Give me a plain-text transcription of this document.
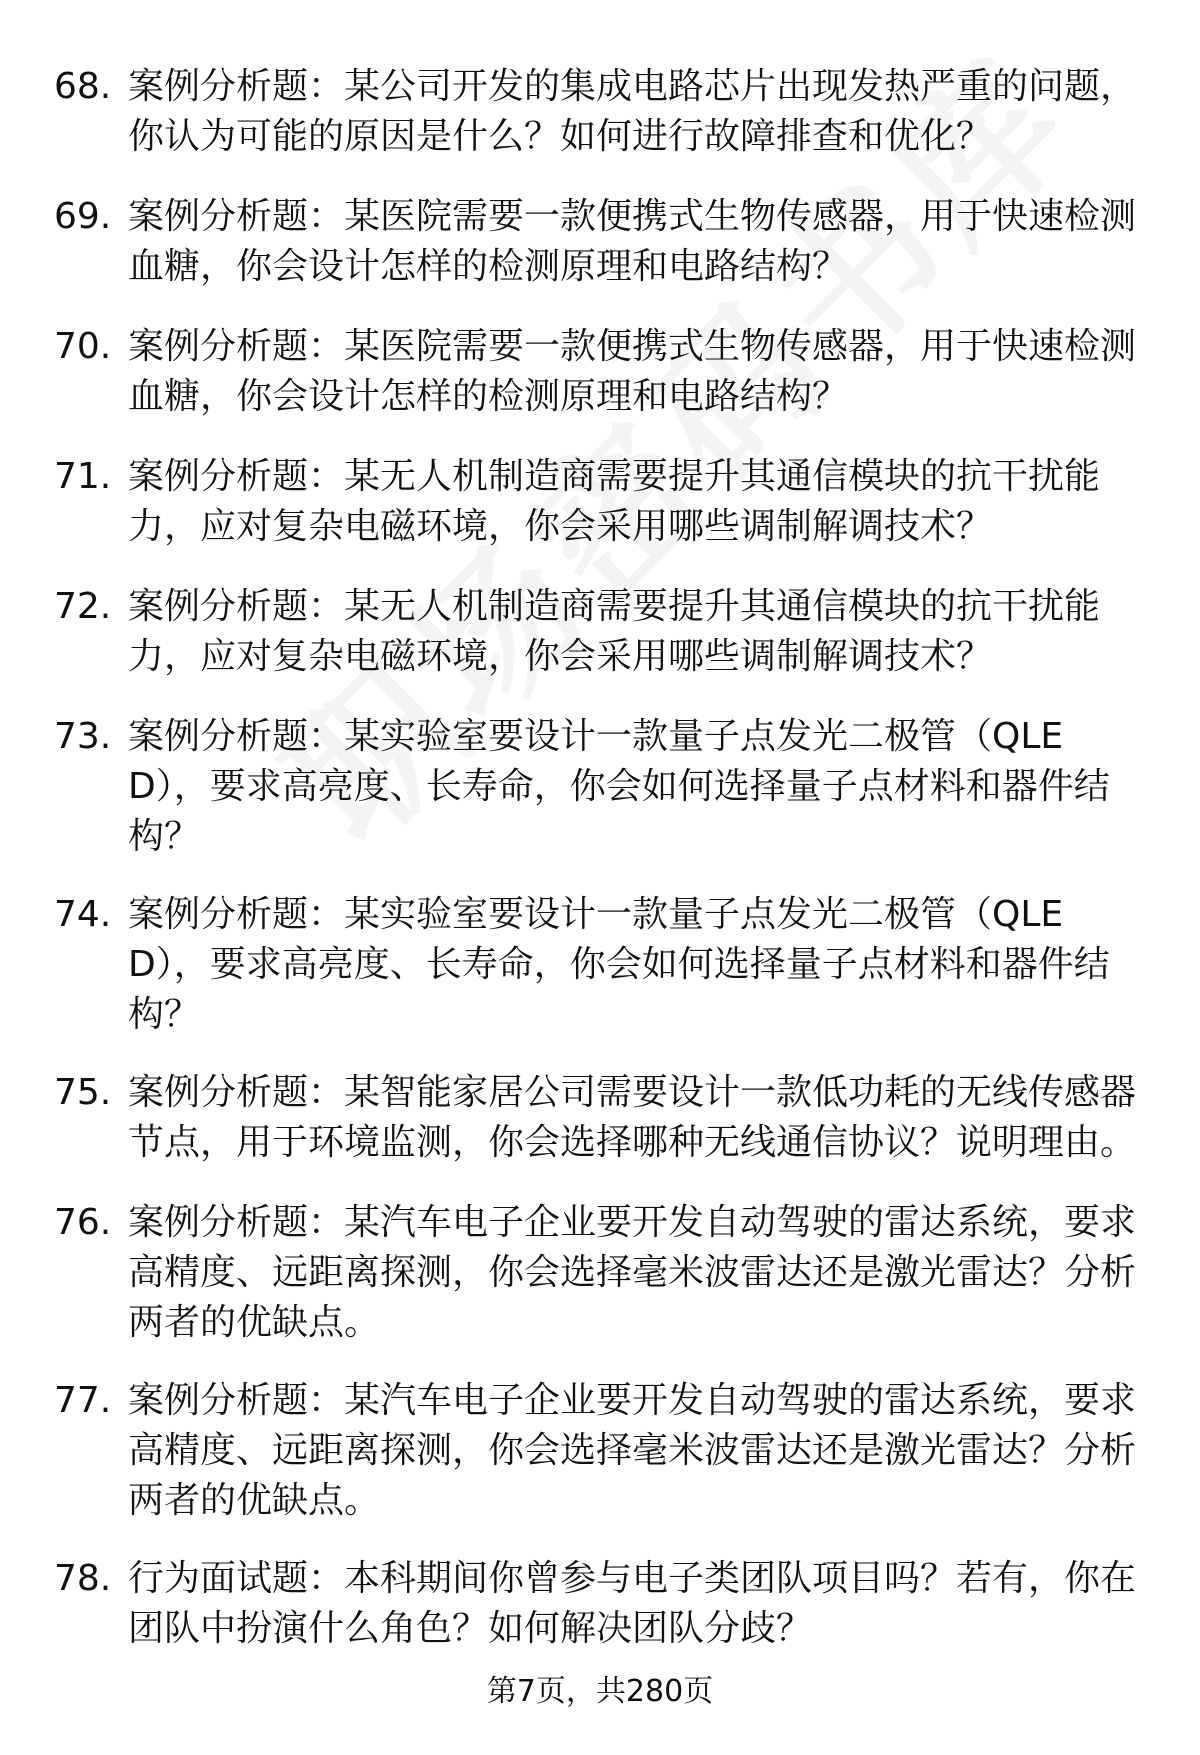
68. 案例分析题：某公司开发的集成电路芯片出现发热严重的问题，你认为可能的原因是什么？如何进行故障排查和优化？
69. 案例分析题：某医院需要一款便携式生物传感器，用于快速检测血糖，你会设计怎样的检测原理和电路结构？
70. 案例分析题：某医院需要一款便携式生物传感器，用于快速检测血糖，你会设计怎样的检测原理和电路结构？
71. 案例分析题：某无人机制造商需要提升其通信模块的抗干扰能力，应对复杂电磁环境，你会采用哪些调制解调技术？
72. 案例分析题：某无人机制造商需要提升其通信模块的抗干扰能力，应对复杂电磁环境，你会采用哪些调制解调技术？
73. 案例分析题：某实验室要设计一款量子点发光二极管（QLED），要求高亮度、长寿命，你会如何选择量子点材料和器件结构？
74. 案例分析题：某实验室要设计一款量子点发光二极管（QLED），要求高亮度、长寿命，你会如何选择量子点材料和器件结构？
75. 案例分析题：某智能家居公司需要设计一款低功耗的无线传感器节点，用于环境监测，你会选择哪种无线通信协议？说明理由。
76. 案例分析题：某汽车电子企业要开发自动驾驶的雷达系统，要求高精度、远距离探测，你会选择毫米波雷达还是激光雷达？分析两者的优缺点。
77. 案例分析题：某汽车电子企业要开发自动驾驶的雷达系统，要求高精度、远距离探测，你会选择毫米波雷达还是激光雷达？分析两者的优缺点。
78. 行为面试题：本科期间你曾参与电子类团队项目吗？若有，你在团队中扮演什么角色？如何解决团队分歧？
第7页，共280页
